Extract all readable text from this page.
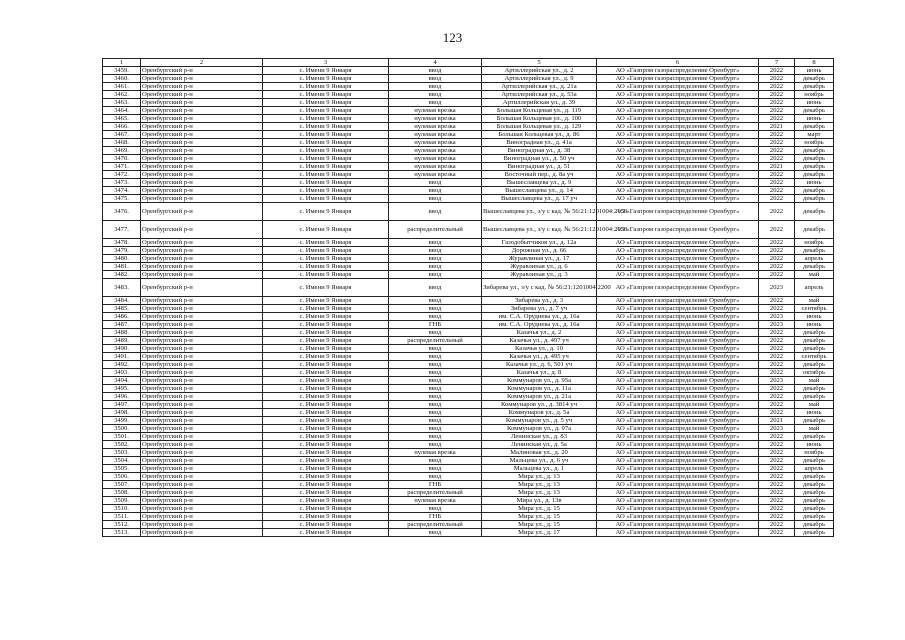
123
1	2	3	4	5	6	7	8
3459.	Оренбургский р-н	с. Имени 9 Января	ввод	Артиллерийская ул., д. 2	АО «Газпром газораспределение Оренбург»	2022	июнь
3460.	Оренбургский р-н	с. Имени 9 Января	ввод	Артиллерийская ул., д. 9	АО «Газпром газораспределение Оренбург»	2022	декабрь
3461.	Оренбургский р-н	с. Имени 9 Января	ввод	Артиллерийская ул., д. 21а	АО «Газпром газораспределение Оренбург»	2022	декабрь
3462.	Оренбургский р-н	с. Имени 9 Января	ввод	Артиллерийская ул., д. 53а	АО «Газпром газораспределение Оренбург»	2022	ноябрь
3463.	Оренбургский р-н	с. Имени 9 Января	ввод	Артиллерийская ул., д. 39	АО «Газпром газораспределение Оренбург»	2022	июнь
3464.	Оренбургский р-н	с. Имени 9 Января	нулевая врезка	Большая Кольцевая ул., д. 119	АО «Газпром газораспределение Оренбург»	2022	декабрь
3465.	Оренбургский р-н	с. Имени 9 Января	нулевая врезка	Большая Кольцевая ул., д. 100	АО «Газпром газораспределение Оренбург»	2022	июнь
3466.	Оренбургский р-н	с. Имени 9 Января	нулевая врезка	Большая Кольцевая ул., д. 129	АО «Газпром газораспределение Оренбург»	2021	декабрь
3467.	Оренбургский р-н	с. Имени 9 Января	нулевая врезка	Большая Кольцевая ул., д. 86	АО «Газпром газораспределение Оренбург»	2022	март
3468.	Оренбургский р-н	с. Имени 9 Января	нулевая врезка	Виноградная ул., д. 41а	АО «Газпром газораспределение Оренбург»	2022	ноябрь
3469.	Оренбургский р-н	с. Имени 9 Января	нулевая врезка	Виноградная ул., д. 38	АО «Газпром газораспределение Оренбург»	2022	декабрь
3470.	Оренбургский р-н	с. Имени 9 Января	нулевая врезка	Виноградная ул., д. 50 уч	АО «Газпром газораспределение Оренбург»	2022	декабрь
3471.	Оренбургский р-н	с. Имени 9 Января	нулевая врезка	Виноградная ул., д. 51	АО «Газпром газораспределение Оренбург»	2021	декабрь
3472.	Оренбургский р-н	с. Имени 9 Января	нулевая врезка	Восточный пер., д. 8а уч	АО «Газпром газораспределение Оренбург»	2022	декабрь
3473.	Оренбургский р-н	с. Имени 9 Января	ввод	Вышеславцева ул., д. 9	АО «Газпром газораспределение Оренбург»	2022	июнь
3474.	Оренбургский р-н	с. Имени 9 Января	ввод	Вышеславцева ул., д. 14	АО «Газпром газораспределение Оренбург»	2022	декабрь
3475.	Оренбургский р-н	с. Имени 9 Января	ввод	Вышеславцева ул., д. 17 уч	АО «Газпром газораспределение Оренбург»	2022	декабрь
3476.	Оренбургский р-н	с. Имени 9 Января	ввод	Вышеславцева ул., з/у с кад. № 56:21:1201004:2158	АО «Газпром газораспределение Оренбург»	2022	декабрь
3477.	Оренбургский р-н	с. Имени 9 Января	распределительный	Вышеславцева ул., з/у с кад. № 56:21:1201004:2158	АО «Газпром газораспределение Оренбург»	2022	декабрь
3478.	Оренбургский р-н	с. Имени 9 Января	ввод	Газодобытчиков ул., д. 12а	АО «Газпром газораспределение Оренбург»	2022	ноябрь
3479.	Оренбургский р-н	с. Имени 9 Января	ввод	Дорожная ул., д. 66	АО «Газпром газораспределение Оренбург»	2022	декабрь
3480.	Оренбургский р-н	с. Имени 9 Января	ввод	Журавлиная ул., д. 17	АО «Газпром газораспределение Оренбург»	2022	апрель
3481.	Оренбургский р-н	с. Имени 9 Января	ввод	Журавлиная ул., д. 6	АО «Газпром газораспределение Оренбург»	2022	декабрь
3482.	Оренбургский р-н	с. Имени 9 Января	ввод	Журавлиная ул., д. 3	АО «Газпром газораспределение Оренбург»	2022	май
3483.	Оренбургский р-н	с. Имени 9 Января	ввод	Зибарева ул., з/у с кад. № 56:21:1201004:2200	АО «Газпром газораспределение Оренбург»	2023	апрель
3484.	Оренбургский р-н	с. Имени 9 Января	ввод	Зибарева ул., д. 3	АО «Газпром газораспределение Оренбург»	2022	май
3485.	Оренбургский р-н	с. Имени 9 Января	ввод	Зибарева ул., д. 7 уч	АО «Газпром газораспределение Оренбург»	2022	сентябрь
3486.	Оренбургский р-н	с. Имени 9 Января	ввод	им. С.А. Орудиева ул., д. 16а	АО «Газпром газораспределение Оренбург»	2023	июнь
3487.	Оренбургский р-н	с. Имени 9 Января	ГНБ	им. С.А. Орудиева ул., д. 16а	АО «Газпром газораспределение Оренбург»	2023	июнь
3488.	Оренбургский р-н	с. Имени 9 Января	ввод	Казачья ул., д. 2	АО «Газпром газораспределение Оренбург»	2022	декабрь
3489.	Оренбургский р-н	с. Имени 9 Января	распределительный	Казачья ул., д. 497 уч	АО «Газпром газораспределение Оренбург»	2022	декабрь
3490.	Оренбургский р-н	с. Имени 9 Января	ввод	Казачья ул., д. 10	АО «Газпром газораспределение Оренбург»	2022	декабрь
3491.	Оренбургский р-н	с. Имени 9 Января	ввод	Казачья ул., д. 495 уч	АО «Газпром газораспределение Оренбург»	2022	сентябрь
3492.	Оренбургский р-н	с. Имени 9 Января	ввод	Казачья ул., д. 6, 501 уч	АО «Газпром газораспределение Оренбург»	2022	декабрь
3493.	Оренбургский р-н	с. Имени 9 Января	ввод	Казачья ул., д. 8	АО «Газпром газораспределение Оренбург»	2022	октябрь
3494.	Оренбургский р-н	с. Имени 9 Января	ввод	Коммунаров ул., д. 95а	АО «Газпром газораспределение Оренбург»	2023	май
3495.	Оренбургский р-н	с. Имени 9 Января	ввод	Коммунаров ул., д. 11а	АО «Газпром газораспределение Оренбург»	2022	декабрь
3496.	Оренбургский р-н	с. Имени 9 Января	ввод	Коммунаров ул., д. 21а	АО «Газпром газораспределение Оренбург»	2022	декабрь
3497.	Оренбургский р-н	с. Имени 9 Января	ввод	Коммунаров ул., д. 3814 уч	АО «Газпром газораспределение Оренбург»	2022	май
3498.	Оренбургский р-н	с. Имени 9 Января	ввод	Коммунаров ул., д. 5а	АО «Газпром газораспределение Оренбург»	2022	июнь
3499.	Оренбургский р-н	с. Имени 9 Января	ввод	Коммунаров ул., д. 5 уч	АО «Газпром газораспределение Оренбург»	2021	декабрь
3500.	Оренбургский р-н	с. Имени 9 Января	ввод	Коммунаров ул., д. 97а	АО «Газпром газораспределение Оренбург»	2023	май
3501.	Оренбургский р-н	с. Имени 9 Января	ввод	Ленинская ул., д. 83	АО «Газпром газораспределение Оренбург»	2022	декабрь
3502.	Оренбургский р-н	с. Имени 9 Января	ввод	Ленинская ул., д. 5а	АО «Газпром газораспределение Оренбург»	2022	июнь
3503.	Оренбургский р-н	с. Имени 9 Января	нулевая врезка	Малиновая ул., д. 20	АО «Газпром газораспределение Оренбург»	2022	ноябрь
3504.	Оренбургский р-н	с. Имени 9 Января	ввод	Мальцева ул., д. 6 уч	АО «Газпром газораспределение Оренбург»	2022	декабрь
3505.	Оренбургский р-н	с. Имени 9 Января	ввод	Мальцева ул., д. 1	АО «Газпром газораспределение Оренбург»	2022	апрель
3506.	Оренбургский р-н	с. Имени 9 Января	ввод	Мира ул., д. 13	АО «Газпром газораспределение Оренбург»	2022	декабрь
3507.	Оренбургский р-н	с. Имени 9 Января	ГНБ	Мира ул., д. 13	АО «Газпром газораспределение Оренбург»	2022	декабрь
3508.	Оренбургский р-н	с. Имени 9 Января	распределительный	Мира ул., д. 13	АО «Газпром газораспределение Оренбург»	2022	декабрь
3509.	Оренбургский р-н	с. Имени 9 Января	нулевая врезка	Мира ул., д. 13в	АО «Газпром газораспределение Оренбург»	2022	декабрь
3510.	Оренбургский р-н	с. Имени 9 Января	ввод	Мира ул., д. 15	АО «Газпром газораспределение Оренбург»	2022	декабрь
3511.	Оренбургский р-н	с. Имени 9 Января	ГНБ	Мира ул., д. 15	АО «Газпром газораспределение Оренбург»	2022	декабрь
3512.	Оренбургский р-н	с. Имени 9 Января	распределительный	Мира ул., д. 15	АО «Газпром газораспределение Оренбург»	2022	декабрь
3513.	Оренбургский р-н	с. Имени 9 Января	ввод	Мира ул., д. 17	АО «Газпром газораспределение Оренбург»	2022	декабрь
